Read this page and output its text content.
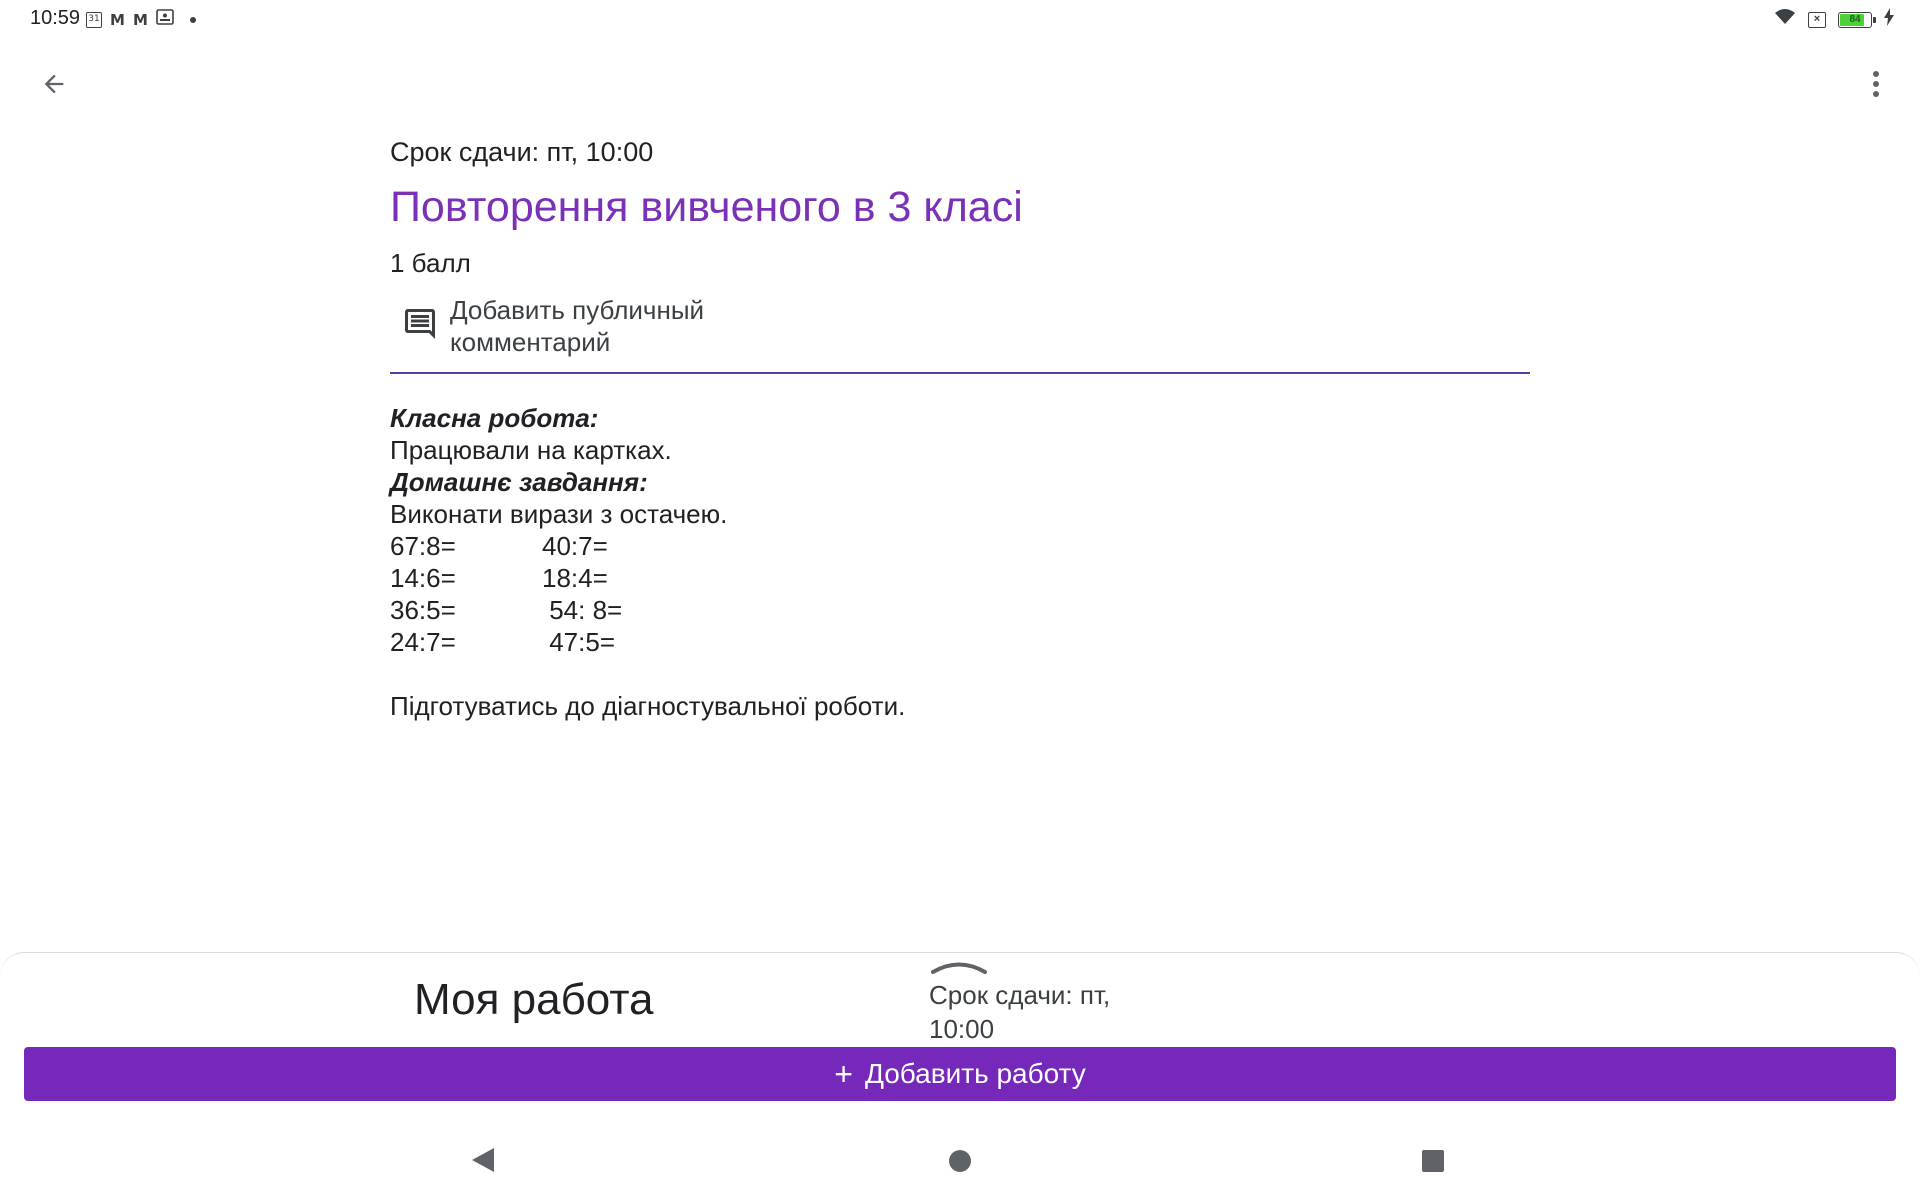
10:59 31 M M	×	84

Срок сдачи: пт, 10:00

Повторення вивченого в 3 класі
1 балл
Добавить публичный комментарий
Класна робота:
Працювали на картках.
Домашнє завдання:
Виконати вирази з остачею.
67:8=	40:7=
14:6=	18:4=
36:5=	54: 8=
24:7=	47:5=
Підготуватись до діагностувальної роботи.
Моя работа	Срок сдачи: пт, 10:00
+ Добавить работу
